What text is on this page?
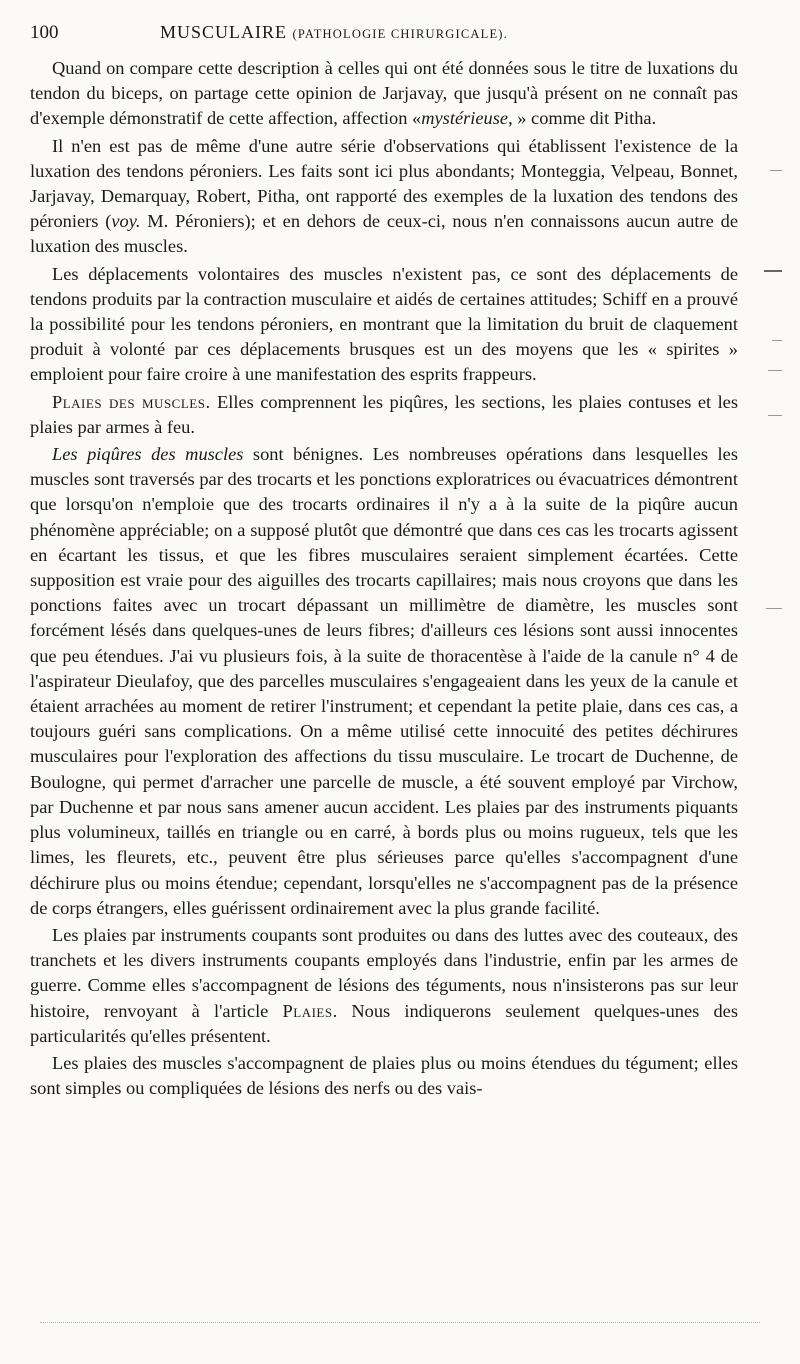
100	MUSCULAIRE (PATHOLOGIE CHIRURGICALE).

Quand on compare cette description à celles qui ont été données sous le titre de luxations du tendon du biceps, on partage cette opinion de Jarjavay, que jusqu'à présent on ne connaît pas d'exemple démonstratif de cette affection, affection «mystérieuse, » comme dit Pitha.

Il n'en est pas de même d'une autre série d'observations qui établissent l'existence de la luxation des tendons péroniers. Les faits sont ici plus abondants; Monteggia, Velpeau, Bonnet, Jarjavay, Demarquay, Robert, Pitha, ont rapporté des exemples de la luxation des tendons des péroniers (voy. M. Péroniers); et en dehors de ceux-ci, nous n'en connaissons aucun autre de luxation des muscles.

Les déplacements volontaires des muscles n'existent pas, ce sont des déplacements de tendons produits par la contraction musculaire et aidés de certaines attitudes; Schiff en a prouvé la possibilité pour les tendons péroniers, en montrant que la limitation du bruit de claquement produit à volonté par ces déplacements brusques est un des moyens que les « spirites » emploient pour faire croire à une manifestation des esprits frappeurs.

Plaies des muscles. Elles comprennent les piqûres, les sections, les plaies contuses et les plaies par armes à feu.

Les piqûres des muscles sont bénignes. Les nombreuses opérations dans lesquelles les muscles sont traversés par des trocarts et les ponctions exploratrices ou évacuatrices démontrent que lorsqu'on n'emploie que des trocarts ordinaires il n'y a à la suite de la piqûre aucun phénomène appréciable; on a supposé plutôt que démontré que dans ces cas les trocarts agissent en écartant les tissus, et que les fibres musculaires seraient simplement écartées. Cette supposition est vraie pour des aiguilles des trocarts capillaires; mais nous croyons que dans les ponctions faites avec un trocart dépassant un millimètre de diamètre, les muscles sont forcément lésés dans quelques-unes de leurs fibres; d'ailleurs ces lésions sont aussi innocentes que peu étendues. J'ai vu plusieurs fois, à la suite de thoracentèse à l'aide de la canule n° 4 de l'aspirateur Dieulafoy, que des parcelles musculaires s'engageaient dans les yeux de la canule et étaient arrachées au moment de retirer l'instrument; et cependant la petite plaie, dans ces cas, a toujours guéri sans complications. On a même utilisé cette innocuité des petites déchirures musculaires pour l'exploration des affections du tissu musculaire. Le trocart de Duchenne, de Boulogne, qui permet d'arracher une parcelle de muscle, a été souvent employé par Virchow, par Duchenne et par nous sans amener aucun accident. Les plaies par des instruments piquants plus volumineux, taillés en triangle ou en carré, à bords plus ou moins rugueux, tels que les limes, les fleurets, etc., peuvent être plus sérieuses parce qu'elles s'accompagnent d'une déchirure plus ou moins étendue; cependant, lorsqu'elles ne s'accompagnent pas de la présence de corps étrangers, elles guérissent ordinairement avec la plus grande facilité.

Les plaies par instruments coupants sont produites ou dans des luttes avec des couteaux, des tranchets et les divers instruments coupants employés dans l'industrie, enfin par les armes de guerre. Comme elles s'accompagnent de lésions des téguments, nous n'insisterons pas sur leur histoire, renvoyant à l'article Plaies. Nous indiquerons seulement quelques-unes des particularités qu'elles présentent.

Les plaies des muscles s'accompagnent de plaies plus ou moins étendues du tégument; elles sont simples ou compliquées de lésions des nerfs ou des vais-
